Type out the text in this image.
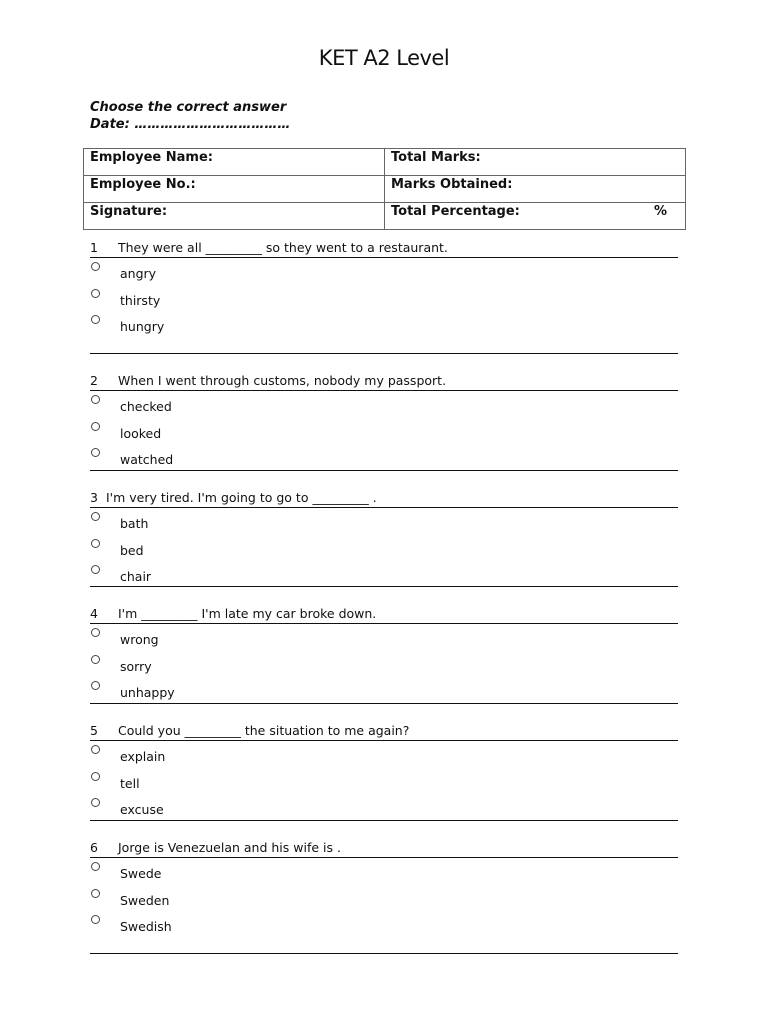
KET A2 Level
Choose the correct answer
Date: ………………………………
Employee Name:	Total Marks:
Employee No.:	Marks Obtained:
Signature:	Total Percentage: %
1 They were all _________ so they went to a restaurant.
angry
thirsty
hungry
2 When I went through customs, nobody my passport.
checked
looked
watched
3 I'm very tired. I'm going to go to _________ .
bath
bed
chair
4 I'm _________ I'm late my car broke down.
wrong
sorry
unhappy
5 Could you _________ the situation to me again?
explain
tell
excuse
6 Jorge is Venezuelan and his wife is .
Swede
Sweden
Swedish
